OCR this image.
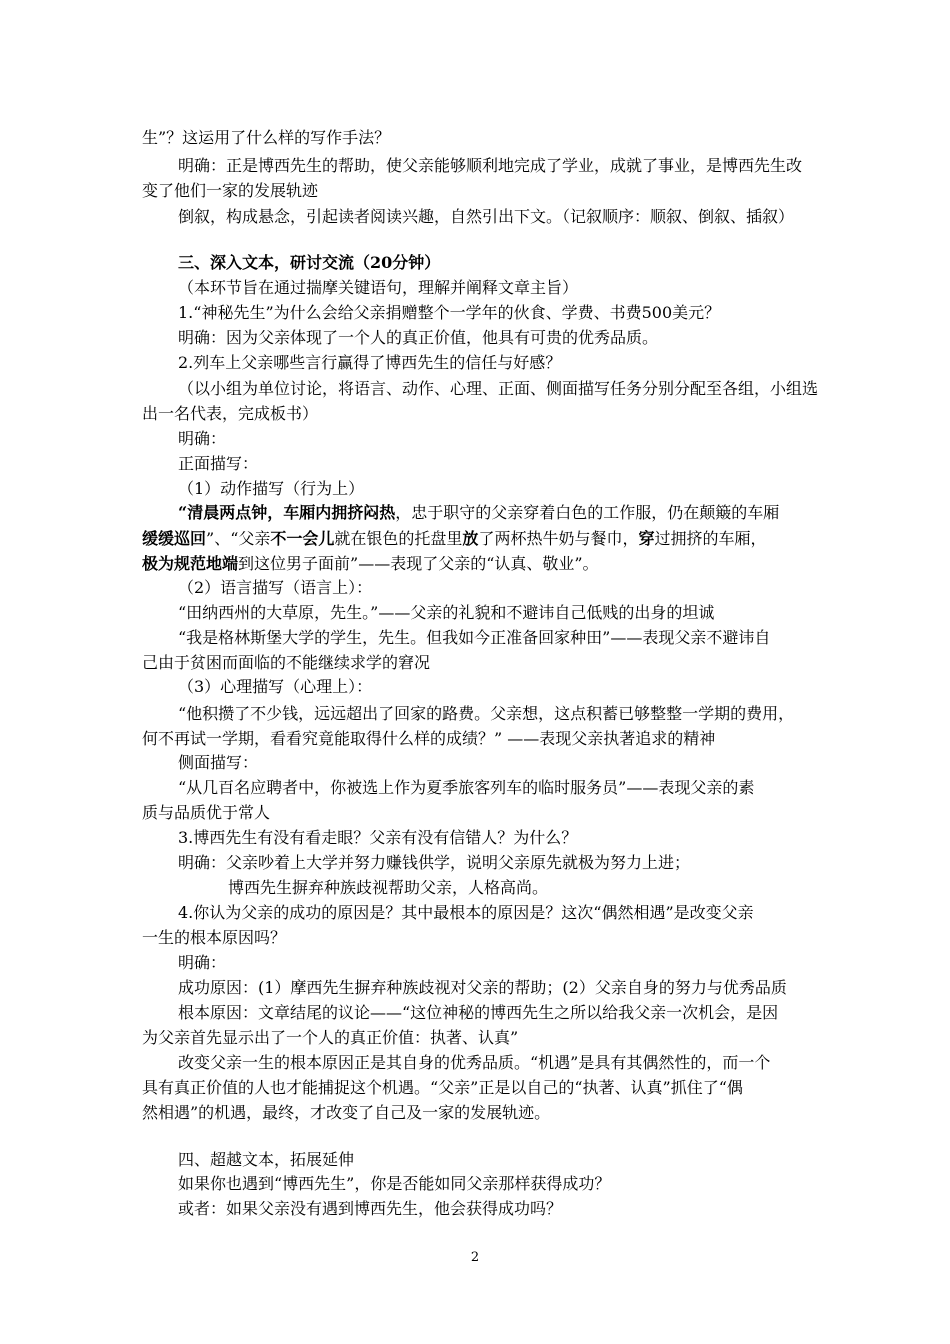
生”？这运用了什么样的写作手法？
明确：正是博西先生的帮助，使父亲能够顺利地完成了学业，成就了事业，是博西先生改
变了他们一家的发展轨迹
倒叙，构成悬念，引起读者阅读兴趣，自然引出下文。（记叙顺序：顺叙、倒叙、插叙）
三、深入文本，研讨交流（20分钟）
（本环节旨在通过揣摩关键语句，理解并阐释文章主旨）
1.“神秘先生”为什么会给父亲捐赠整个一学年的伙食、学费、书费500美元？
明确：因为父亲体现了一个人的真正价值，他具有可贵的优秀品质。
2.列车上父亲哪些言行赢得了博西先生的信任与好感？
（以小组为单位讨论，将语言、动作、心理、正面、侧面描写任务分别分配至各组，小组选
出一名代表，完成板书）
明确：
正面描写：
（1）动作描写（行为上）
“清晨两点钟，车厢内拥挤闷热，忠于职守的父亲穿着白色的工作服，仍在颠簸的车厢
缓缓巡回”、“父亲不一会儿就在银色的托盘里放了两杯热牛奶与餐巾，穿过拥挤的车厢，
极为规范地端到这位男子面前”——表现了父亲的“认真、敬业”。
（2）语言描写（语言上）：
“田纳西州的大草原，先生。”——父亲的礼貌和不避讳自己低贱的出身的坦诚
“我是格林斯堡大学的学生，先生。但我如今正准备回家种田”——表现父亲不避讳自
己由于贫困而面临的不能继续求学的窘况
（3）心理描写（心理上）：
“他积攒了不少钱，远远超出了回家的路费。父亲想，这点积蓄已够整整一学期的费用，
何不再试一学期，看看究竟能取得什么样的成绩？” ——表现父亲执著追求的精神
侧面描写：
“从几百名应聘者中，你被选上作为夏季旅客列车的临时服务员”——表现父亲的素
质与品质优于常人
3.博西先生有没有看走眼？父亲有没有信错人？为什么？
明确：父亲吵着上大学并努力赚钱供学，说明父亲原先就极为努力上进；
博西先生摒弃种族歧视帮助父亲，人格高尚。
4.你认为父亲的成功的原因是？其中最根本的原因是？这次“偶然相遇”是改变父亲
一生的根本原因吗？
明确：
成功原因：(1）摩西先生摒弃种族歧视对父亲的帮助；(2）父亲自身的努力与优秀品质
根本原因：文章结尾的议论——“这位神秘的博西先生之所以给我父亲一次机会，是因
为父亲首先显示出了一个人的真正价值：执著、认真”
改变父亲一生的根本原因正是其自身的优秀品质。“机遇”是具有其偶然性的，而一个
具有真正价值的人也才能捕捉这个机遇。“父亲”正是以自己的“执著、认真”抓住了“偶
然相遇”的机遇，最终，才改变了自己及一家的发展轨迹。
四、超越文本，拓展延伸
如果你也遇到“博西先生”，你是否能如同父亲那样获得成功？
或者：如果父亲没有遇到博西先生，他会获得成功吗？
2
